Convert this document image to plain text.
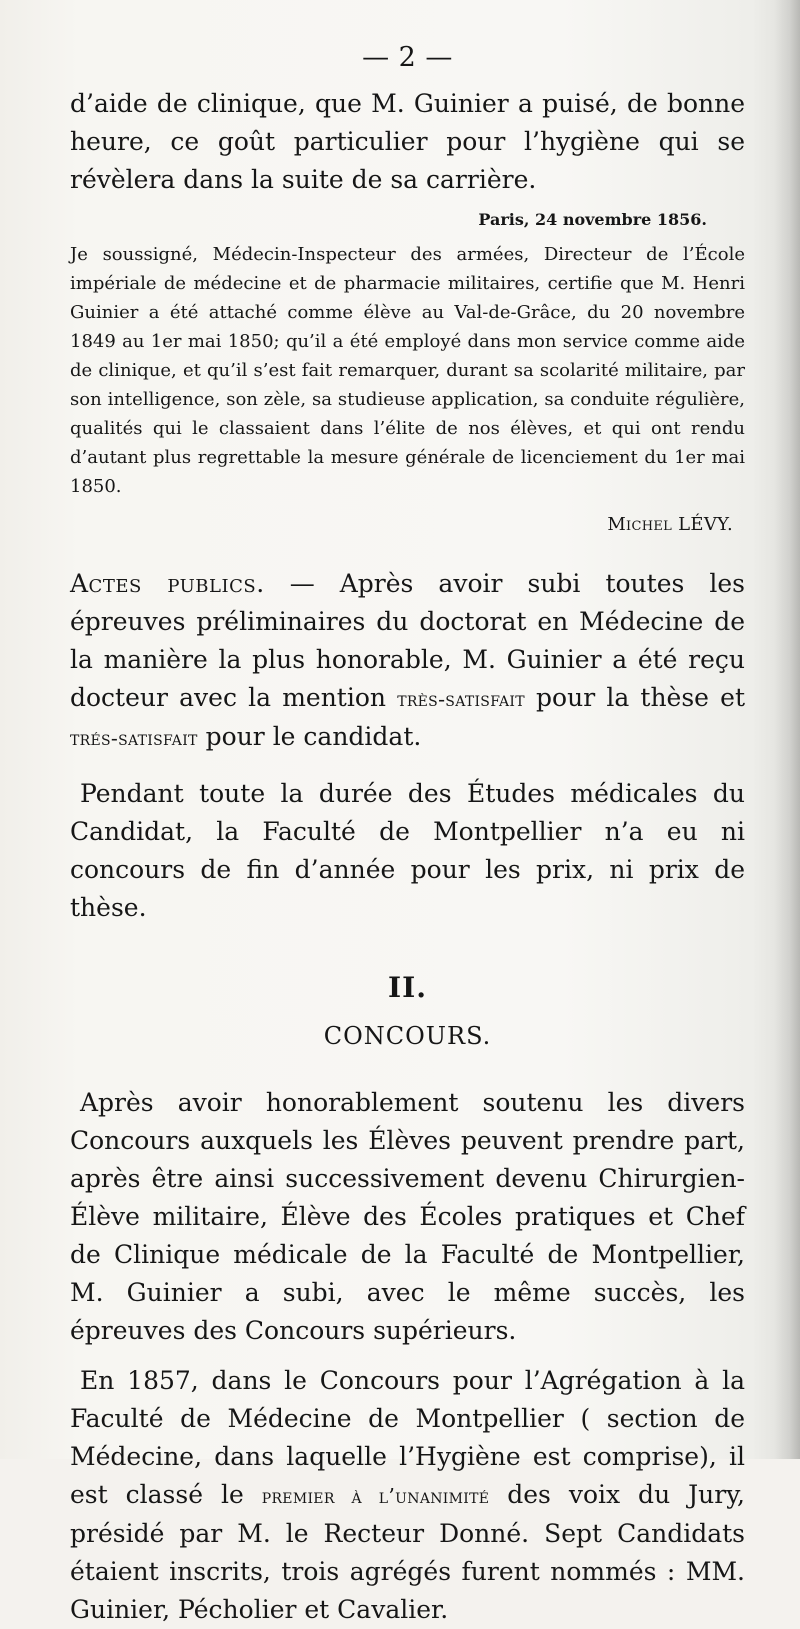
— 2 —

d’aide de clinique, que M. Guinier a puisé, de bonne heure, ce goût particulier pour l’hygiène qui se révèlera dans la suite de sa carrière.

Paris, 24 novembre 1856.

Je soussigné, Médecin-Inspecteur des armées, Directeur de l’École impériale de médecine et de pharmacie militaires, certifie que M. Henri Guinier a été attaché comme élève au Val-de-Grâce, du 20 novembre 1849 au 1er mai 1850; qu’il a été employé dans mon service comme aide de clinique, et qu’il s’est fait remarquer, durant sa scolarité militaire, par son intelligence, son zèle, sa studieuse application, sa conduite régulière, qualités qui le classaient dans l’élite de nos élèves, et qui ont rendu d’autant plus regrettable la mesure générale de licenciement du 1er mai 1850.

Michel LÉVY.

Actes publics. — Après avoir subi toutes les épreuves préliminaires du doctorat en Médecine de la manière la plus honorable, M. Guinier a été reçu docteur avec la mention très-satisfait pour la thèse et trés-satisfait pour le candidat.

Pendant toute la durée des Études médicales du Candidat, la Faculté de Montpellier n’a eu ni concours de fin d’année pour les prix, ni prix de thèse.

II.
CONCOURS.

Après avoir honorablement soutenu les divers Concours auxquels les Élèves peuvent prendre part, après être ainsi successivement devenu Chirurgien-Élève militaire, Élève des Écoles pratiques et Chef de Clinique médicale de la Faculté de Montpellier, M. Guinier a subi, avec le même succès, les épreuves des Concours supérieurs.

En 1857, dans le Concours pour l’Agrégation à la Faculté de Médecine de Montpellier ( section de Médecine, dans laquelle l’Hygiène est comprise), il est classé le premier à l’unanimité des voix du Jury, présidé par M. le Recteur Donné. Sept Candidats étaient inscrits, trois agrégés furent nommés : MM. Guinier, Pécholier et Cavalier.
